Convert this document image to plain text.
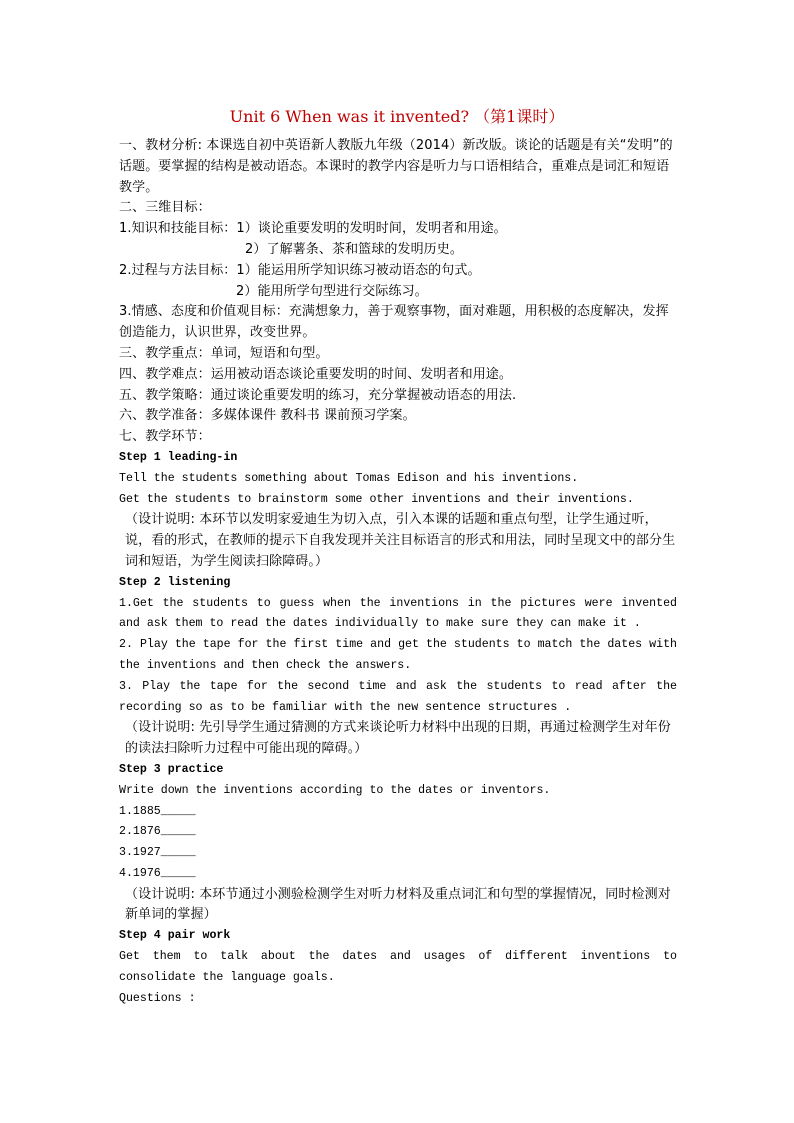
Unit 6 When was it invented? （第1课时）

一、教材分析: 本课选自初中英语新人教版九年级（2014）新改版。谈论的话题是有关“发明”的话题。要掌握的结构是被动语态。本课时的教学内容是听力与口语相结合，重难点是词汇和短语教学。

二、三维目标：

1.知识和技能目标：1）谈论重要发明的发明时间，发明者和用途。

2）了解薯条、茶和篮球的发明历史。

2.过程与方法目标：1）能运用所学知识练习被动语态的句式。

2）能用所学句型进行交际练习。

3.情感、态度和价值观目标：充满想象力，善于观察事物，面对难题，用积极的态度解决，发挥创造能力，认识世界，改变世界。

三、教学重点：单词，短语和句型。

四、教学难点：运用被动语态谈论重要发明的时间、发明者和用途。

五、教学策略：通过谈论重要发明的练习，充分掌握被动语态的用法.

六、教学准备：多媒体课件 教科书 课前预习学案。

七、教学环节：

Step 1 leading-in

Tell the students something about Tomas Edison and his inventions.

Get the students to brainstorm some other inventions and their inventions.

（设计说明: 本环节以发明家爱迪生为切入点，引入本课的话题和重点句型，让学生通过听，说，看的形式，在教师的提示下自我发现并关注目标语言的形式和用法，同时呈现文中的部分生词和短语，为学生阅读扫除障碍。）

Step 2 listening

1.Get the students to guess when the inventions in the pictures were invented and ask them to read the dates individually to make sure they can make it .

2. Play the tape for the first time and get the students to match the dates with the inventions and then check the answers.

3. Play the tape for the second time and ask the students to read after the recording so as to be familiar with the new sentence structures .

（设计说明: 先引导学生通过猜测的方式来谈论听力材料中出现的日期，再通过检测学生对年份的读法扫除听力过程中可能出现的障碍。）

Step 3 practice

Write down the inventions according to the dates or inventors.

1.1885_____

2.1876_____

3.1927_____

4.1976_____

（设计说明: 本环节通过小测验检测学生对听力材料及重点词汇和句型的掌握情况，同时检测对新单词的掌握）

Step 4 pair work

Get them to talk about the dates and usages of different inventions to consolidate the language goals.

Questions :
